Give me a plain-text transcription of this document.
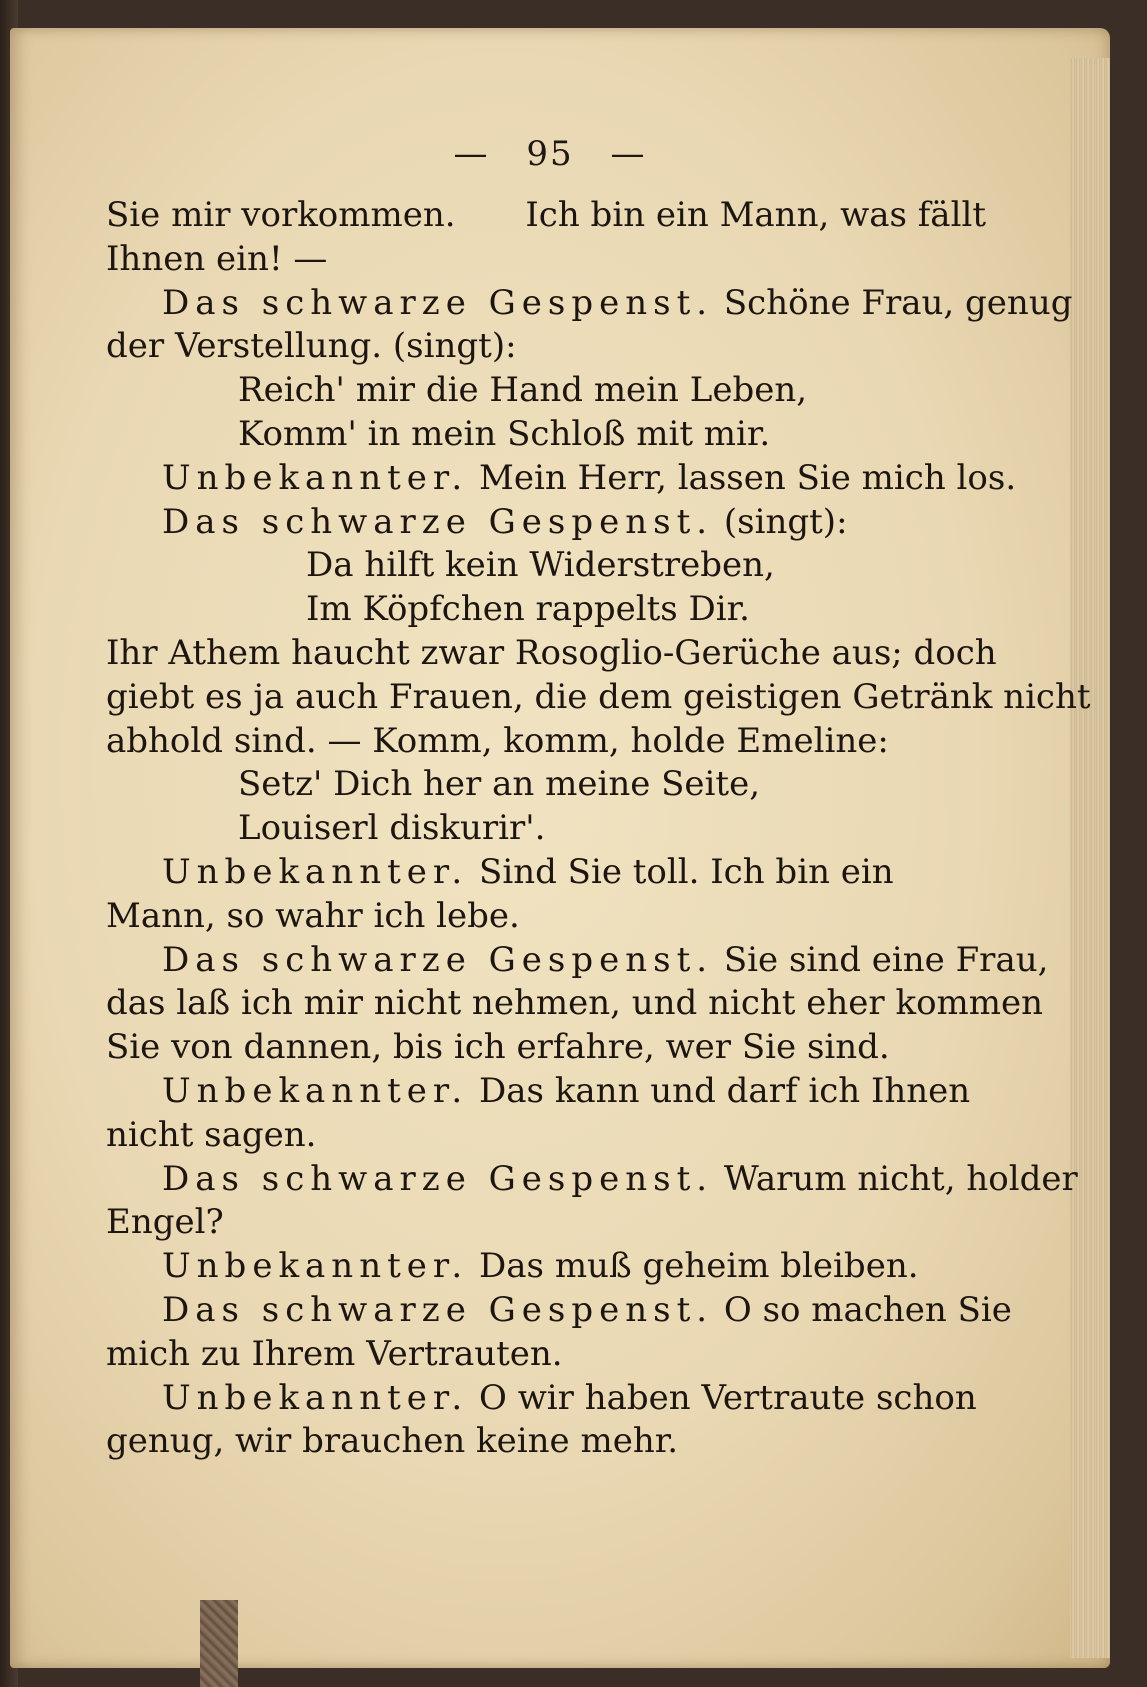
— 95 —
Sie mir vorkommen. Ich bin ein Mann, was fällt
Ihnen ein! —
Das schwarze Gespenst. Schöne Frau, genug
der Verstellung. (singt):
Reich' mir die Hand mein Leben,
Komm' in mein Schloß mit mir.
Unbekannter. Mein Herr, lassen Sie mich los.
Das schwarze Gespenst. (singt):
Da hilft kein Widerstreben,
Im Köpfchen rappelts Dir.
Ihr Athem haucht zwar Rosoglio-Gerüche aus; doch
giebt es ja auch Frauen, die dem geistigen Getränk nicht
abhold sind. — Komm, komm, holde Emeline:
Setz' Dich her an meine Seite,
Louiserl diskurir'.
Unbekannter. Sind Sie toll. Ich bin ein
Mann, so wahr ich lebe.
Das schwarze Gespenst. Sie sind eine Frau,
das laß ich mir nicht nehmen, und nicht eher kommen
Sie von dannen, bis ich erfahre, wer Sie sind.
Unbekannter. Das kann und darf ich Ihnen
nicht sagen.
Das schwarze Gespenst. Warum nicht, holder
Engel?
Unbekannter. Das muß geheim bleiben.
Das schwarze Gespenst. O so machen Sie
mich zu Ihrem Vertrauten.
Unbekannter. O wir haben Vertraute schon
genug, wir brauchen keine mehr.
